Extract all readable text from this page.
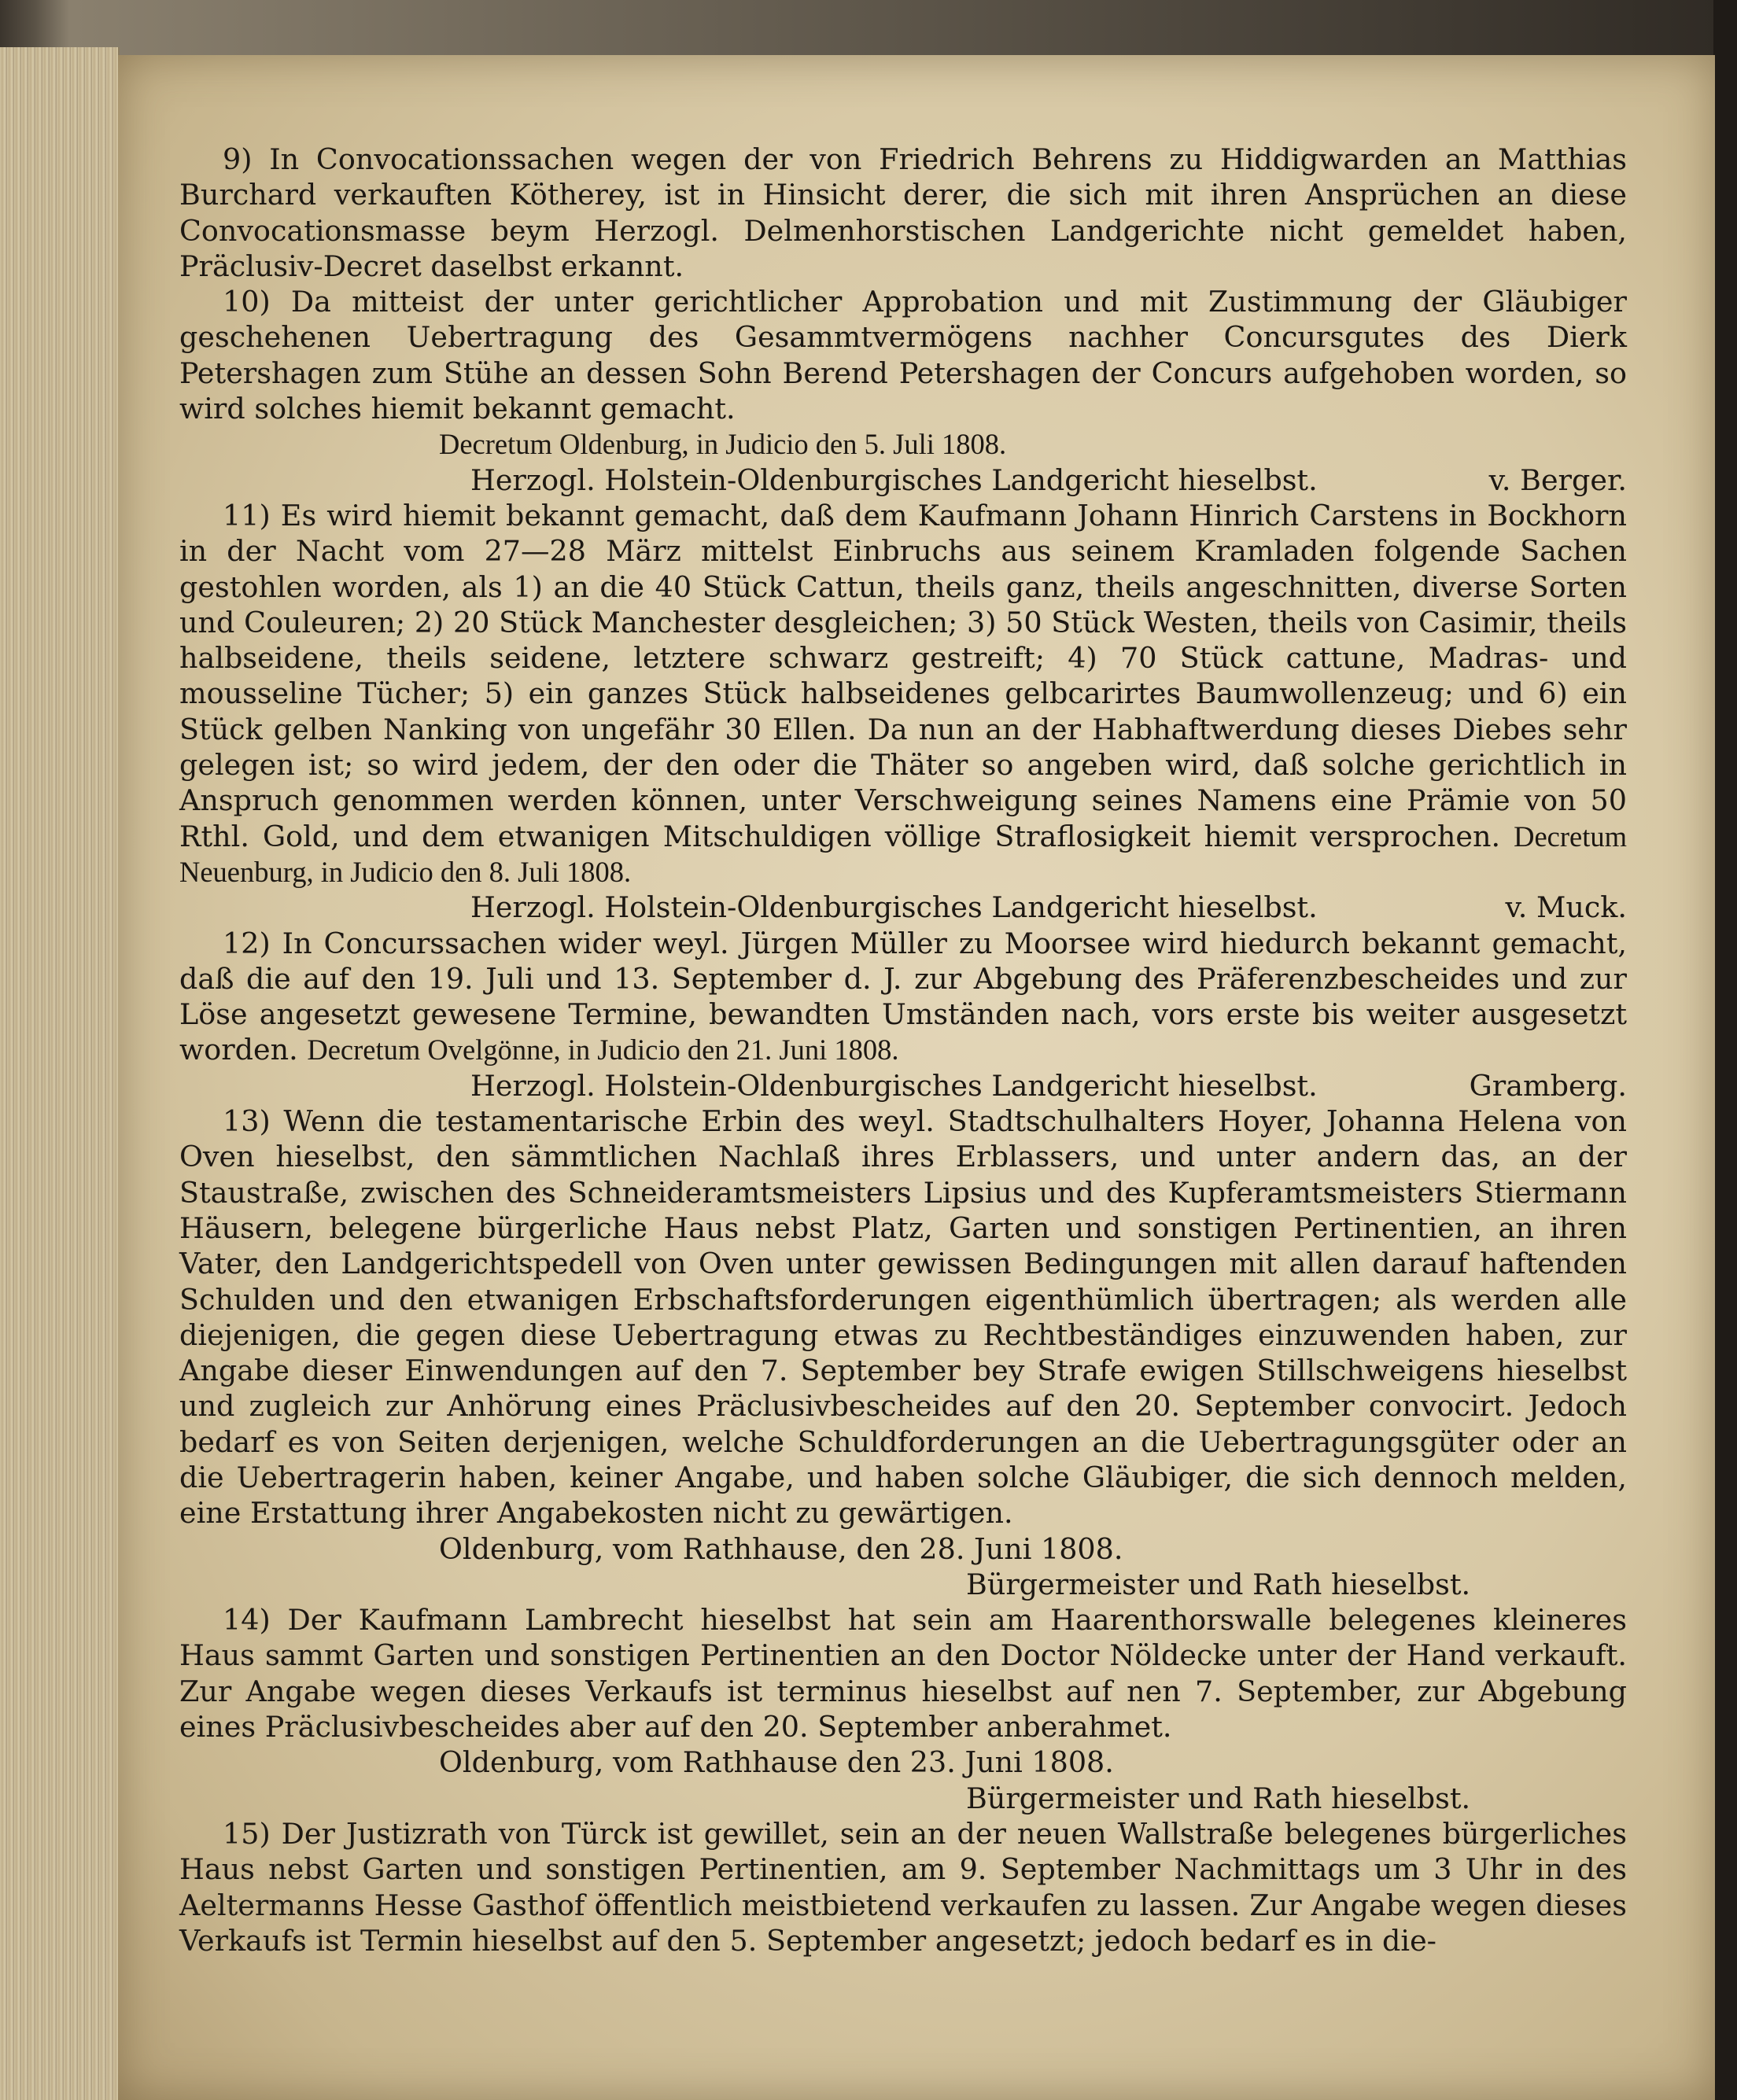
9) In Convocationssachen wegen der von Friedrich Behrens zu Hiddigwarden an Matthias Burchard verkauften Kötherey, ist in Hinsicht derer, die sich mit ihren Ansprüchen an diese Convocationsmasse beym Herzogl. Delmenhorstischen Landgerichte nicht gemeldet haben, Präclusiv-Decret daselbst erkannt.

10) Da mitteist der unter gerichtlicher Approbation und mit Zustimmung der Gläubiger geschehenen Uebertragung des Gesammtvermögens nachher Concursgutes des Dierk Petershagen zum Stühe an dessen Sohn Berend Petershagen der Concurs aufgehoben worden, so wird solches hiemit bekannt gemacht.

Decretum Oldenburg, in Judicio den 5. Juli 1808.

Herzogl. Holstein-Oldenburgisches Landgericht hieselbst.	v. Berger.

11) Es wird hiemit bekannt gemacht, daß dem Kaufmann Johann Hinrich Carstens in Bockhorn in der Nacht vom 27—28 März mittelst Einbruchs aus seinem Kramladen folgende Sachen gestohlen worden, als 1) an die 40 Stück Cattun, theils ganz, theils angeschnitten, diverse Sorten und Couleuren; 2) 20 Stück Manchester desgleichen; 3) 50 Stück Westen, theils von Casimir, theils halbseidene, theils seidene, letztere schwarz gestreift; 4) 70 Stück cattune, Madras- und mousseline Tücher; 5) ein ganzes Stück halbseidenes gelbcarirtes Baumwollenzeug; und 6) ein Stück gelben Nanking von ungefähr 30 Ellen. Da nun an der Habhaftwerdung dieses Diebes sehr gelegen ist; so wird jedem, der den oder die Thäter so angeben wird, daß solche gerichtlich in Anspruch genommen werden können, unter Verschweigung seines Namens eine Prämie von 50 Rthl. Gold, und dem etwanigen Mitschuldigen völlige Straflosigkeit hiemit versprochen. Decretum Neuenburg, in Judicio den 8. Juli 1808.

Herzogl. Holstein-Oldenburgisches Landgericht hieselbst.	v. Muck.

12) In Concurssachen wider weyl. Jürgen Müller zu Moorsee wird hiedurch bekannt gemacht, daß die auf den 19. Juli und 13. September d. J. zur Abgebung des Präferenzbescheides und zur Löse angesetzt gewesene Termine, bewandten Umständen nach, vors erste bis weiter ausgesetzt worden. Decretum Ovelgönne, in Judicio den 21. Juni 1808.

Herzogl. Holstein-Oldenburgisches Landgericht hieselbst.	Gramberg.

13) Wenn die testamentarische Erbin des weyl. Stadtschulhalters Hoyer, Johanna Helena von Oven hieselbst, den sämmtlichen Nachlaß ihres Erblassers, und unter andern das, an der Staustraße, zwischen des Schneideramtsmeisters Lipsius und des Kupferamtsmeisters Stiermann Häusern, belegene bürgerliche Haus nebst Platz, Garten und sonstigen Pertinentien, an ihren Vater, den Landgerichtspedell von Oven unter gewissen Bedingungen mit allen darauf haftenden Schulden und den etwanigen Erbschaftsforderungen eigenthümlich übertragen; als werden alle diejenigen, die gegen diese Uebertragung etwas zu Rechtbeständiges einzuwenden haben, zur Angabe dieser Einwendungen auf den 7. September bey Strafe ewigen Stillschweigens hieselbst und zugleich zur Anhörung eines Präclusivbescheides auf den 20. September convocirt. Jedoch bedarf es von Seiten derjenigen, welche Schuldforderungen an die Uebertragungsgüter oder an die Uebertragerin haben, keiner Angabe, und haben solche Gläubiger, die sich dennoch melden, eine Erstattung ihrer Angabekosten nicht zu gewärtigen.

Oldenburg, vom Rathhause, den 28. Juni 1808.

Bürgermeister und Rath hieselbst.

14) Der Kaufmann Lambrecht hieselbst hat sein am Haarenthorswalle belegenes kleineres Haus sammt Garten und sonstigen Pertinentien an den Doctor Nöldecke unter der Hand verkauft. Zur Angabe wegen dieses Verkaufs ist terminus hieselbst auf nen 7. September, zur Abgebung eines Präclusivbescheides aber auf den 20. September anberahmet.

Oldenburg, vom Rathhause den 23. Juni 1808.

Bürgermeister und Rath hieselbst.

15) Der Justizrath von Türck ist gewillet, sein an der neuen Wallstraße belegenes bürgerliches Haus nebst Garten und sonstigen Pertinentien, am 9. September Nachmittags um 3 Uhr in des Aeltermanns Hesse Gasthof öffentlich meistbietend verkaufen zu lassen. Zur Angabe wegen dieses Verkaufs ist Termin hieselbst auf den 5. September angesetzt; jedoch bedarf es in die-
